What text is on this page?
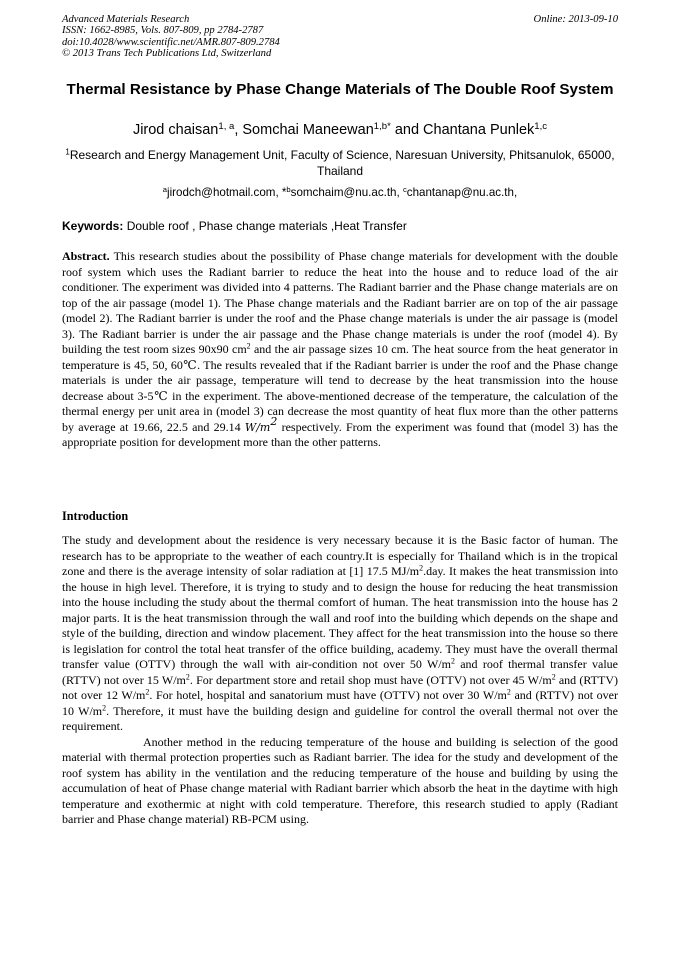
Advanced Materials Research
ISSN: 1662-8985, Vols. 807-809, pp 2784-2787
doi:10.4028/www.scientific.net/AMR.807-809.2784
© 2013 Trans Tech Publications Ltd, Switzerland
Online: 2013-09-10
Thermal Resistance by Phase Change Materials of The Double Roof System
Jirod chaisan$^{1, a}$, Somchai Maneewan$^{1,b*}$ and Chantana Punlek$^{1,c}$
$^1$Research and Energy Management Unit, Faculty of Science, Naresuan University, Phitsanulok, 65000, Thailand
$^a$jirodch@hotmail.com, *$^b$somchaim@nu.ac.th, $^c$chantanap@nu.ac.th,
Keywords: Double roof , Phase change materials ,Heat Transfer
Abstract. This research studies about the possibility of Phase change materials for development with the double roof system which uses the Radiant barrier to reduce the heat into the house and to reduce load of the air conditioner. The experiment was divided into 4 patterns. The Radiant barrier and the Phase change materials are on top of the air passage (model 1). The Phase change materials and the Radiant barrier are on top of the air passage (model 2). The Radiant barrier is under the roof and the Phase change materials is under the air passage is (model 3). The Radiant barrier is under the air passage and the Phase change materials is under the roof (model 4). By building the test room sizes 90x90 $cm^2$ and the air passage sizes 10 cm. The heat source from the heat generator in temperature is 45, 50, 60℃. The results revealed that if the Radiant barrier is under the roof and the Phase change materials is under the air passage, temperature will tend to decrease by the heat transmission into the house decrease about 3-5℃ in the experiment. The above-mentioned decrease of the temperature, the calculation of the thermal energy per unit area in (model 3) can decrease the most quantity of heat flux more than the other patterns by average at 19.66, 22.5 and 29.14 $W/m^2$ respectively. From the experiment was found that (model 3) has the appropriate position for development more than the other patterns.
Introduction

The study and development about the residence is very necessary because it is the Basic factor of human. The research has to be appropriate to the weather of each country.It is especially for Thailand which is in the tropical zone and there is the average intensity of solar radiation at [1] 17.5 $MJ/m^2.day$. It makes the heat transmission into the house in high level. Therefore, it is trying to study and to design the house for reducing the heat transmission into the house including the study about the thermal comfort of human. The heat transmission into the house has 2 major parts. It is the heat transmission through the wall and roof into the building which depends on the shape and style of the building, direction and window placement. They affect for the heat transmission into the house so there is legislation for control the total heat transfer of the office building, academy. They must have the overall thermal transfer value (OTTV) through the wall with air-condition not over 50 $W/m^2$ and roof thermal transfer value (RTTV) not over 15 $W/m^2$. For department store and retail shop must have (OTTV) not over 45 $W/m^2$ and (RTTV) not over 12 $W/m^2$. For hotel, hospital and sanatorium must have (OTTV) not over 30 $W/m^2$ and (RTTV) not over 10 $W/m^2$. Therefore, it must have the building design and guideline for control the overall thermal not over the requirement.

Another method in the reducing temperature of the house and building is selection of the good material with thermal protection properties such as Radiant barrier. The idea for the study and development of the roof system has ability in the ventilation and the reducing temperature of the house and building by using the accumulation of heat of Phase change material with Radiant barrier which absorb the heat in the daytime with high temperature and exothermic at night with cold temperature. Therefore, this research studied to apply (Radiant barrier and Phase change material) RB-PCM using.
